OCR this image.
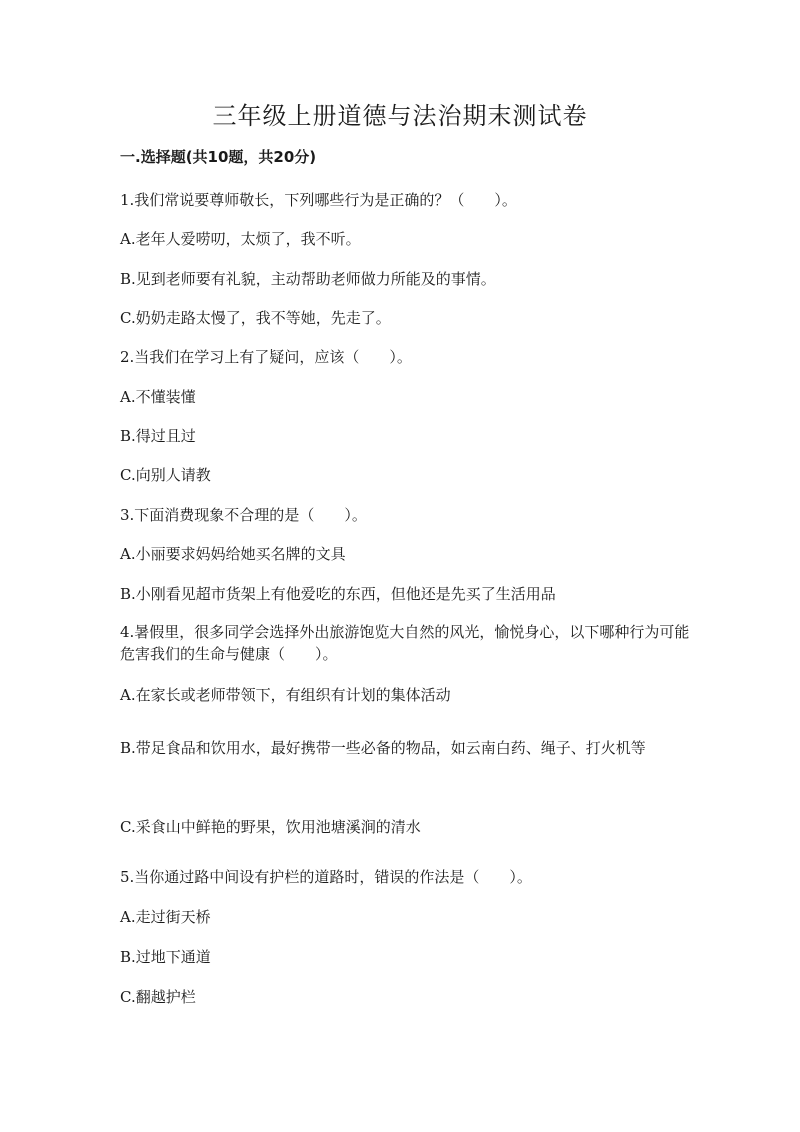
三年级上册道德与法治期末测试卷
一.选择题(共10题，共20分)
1.我们常说要尊师敬长，下列哪些行为是正确的？（　　）。
A.老年人爱唠叨，太烦了，我不听。
B.见到老师要有礼貌，主动帮助老师做力所能及的事情。
C.奶奶走路太慢了，我不等她，先走了。
2.当我们在学习上有了疑问，应该（　　）。
A.不懂装懂
B.得过且过
C.向别人请教
3.下面消费现象不合理的是（　　）。
A.小丽要求妈妈给她买名牌的文具
B.小刚看见超市货架上有他爱吃的东西，但他还是先买了生活用品
4.暑假里，很多同学会选择外出旅游饱览大自然的风光，愉悦身心，以下哪种行为可能危害我们的生命与健康（　　）。
A.在家长或老师带领下，有组织有计划的集体活动
B.带足食品和饮用水，最好携带一些必备的物品，如云南白药、绳子、打火机等
C.采食山中鲜艳的野果，饮用池塘溪涧的清水
5.当你通过路中间设有护栏的道路时，错误的作法是（　　）。
A.走过街天桥
B.过地下通道
C.翻越护栏
